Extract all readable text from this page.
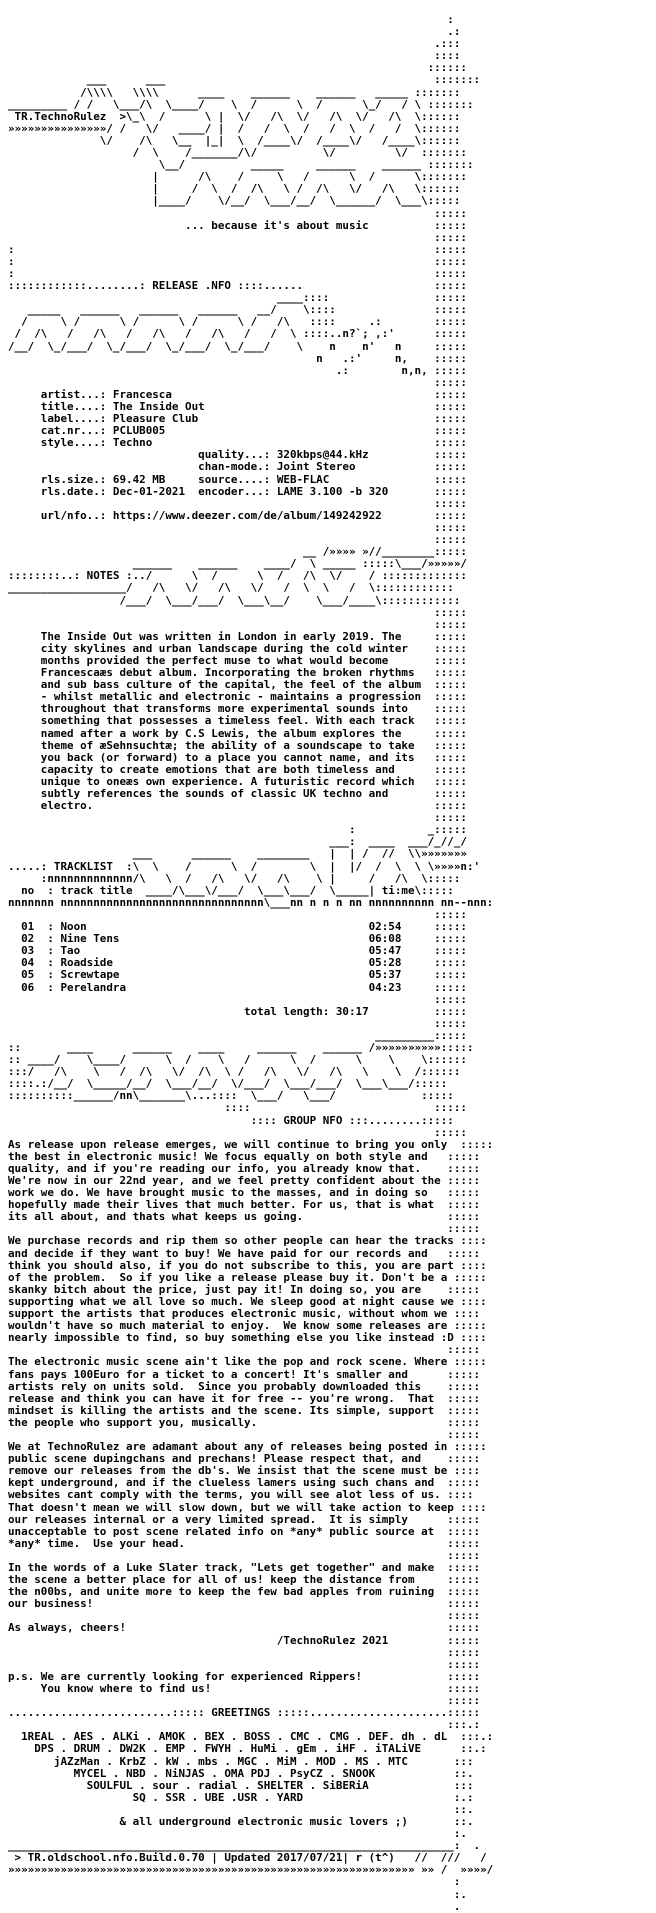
:
.:
.:::
::::
::::::
___      ___                                         :::::::
/\\\\   \\\\      ____    ______    ______   _____ :::::::
_________ / /   \___/\  \____/    \  /      \  /      \_/   / \ :::::::
TR.TechnoRulez  >\_\  /      \ |  \/   /\  \/   /\  \/   /\  \::::::
»»»»»»»»»»»»»»»/ /   \/   ____/ |  /   /  \  /   /  \  /   /  \::::::
\/    /\   \__  |_|  \  /____\/  /____\/   /____\::::::
/  \    /_______/\/          \/         \/  :::::::
\__/          _____     ______    ______ :::::::
|      /\    /     \   /      \  /      \:::::::
|     /  \  /  /\   \ /  /\   \/   /\   \::::::
|____/    \/__/  \___/__/  \______/  \___\:::::
:::::
... because it's about music          :::::
:::::
:                                                                :::::
:                                                                :::::
:                                                                :::::
::::::::::::........: RELEASE .NFO ::::......                    :::::
____::::                :::::
_____   ______   ______   ______   __/    \::::               :::::
/     \ /      \ /      \ /      \ /   /\   ::::     .:        :::::
/  /\   /   /\   /   /\   /   /\   /   /  \ ::::..n?`; ,:'      :::::
/__/  \_/___/  \_/___/  \_/___/  \_/___/    \    n    n'   n     :::::
n   .:'     n,    :::::
.:        n,n, :::::
:::::
artist...: Francesca                                        :::::
title....: The Inside Out                                   :::::
label....: Pleasure Club                                    :::::
cat.nr...: PCLUB005                                         :::::
style....: Techno                                           :::::
quality...: 320kbps@44.kHz          :::::
chan-mode.: Joint Stereo            :::::
rls.size.: 69.42 MB     source....: WEB-FLAC                :::::
rls.date.: Dec-01-2021  encoder...: LAME 3.100 -b 320       :::::
:::::
url/nfo..: https://www.deezer.com/de/album/149242922        :::::
:::::
:::::
__ /»»»» »//________:::::
______    ______    ____/  \ _____ :::::\___/»»»»»/
::::::::..: NOTES :../      \  /      \  /   /\  \/    / :::::::::::::
__________________/   /\   \/   /\   \/   /  \  \   /  \::::::::::::
/___/  \___/___/  \___\__/    \___/____\::::::::::::
:::::
:::::
The Inside Out was written in London in early 2019. The     :::::
city skylines and urban landscape during the cold winter    :::::
months provided the perfect muse to what would become       :::::
Francescaæs debut album. Incorporating the broken rhythms   :::::
and sub bass culture of the capital, the feel of the album  :::::
- whilst metallic and electronic - maintains a progression  :::::
throughout that transforms more experimental sounds into    :::::
something that possesses a timeless feel. With each track   :::::
named after a work by C.S Lewis, the album explores the     :::::
theme of æSehnsuchtæ; the ability of a soundscape to take   :::::
you back (or forward) to a place you cannot name, and its   :::::
capacity to create emotions that are both timeless and      :::::
unique to oneæs own experience. A futuristic record which   :::::
subtly references the sounds of classic UK techno and       :::::
electro.                                                    :::::
:::::
:           _:::::
___:  ____  ___/_//_/
___      ______    ________   |  | /  //  \\»»»»»»»
.....: TRACKLIST  :\  \    /      \  /        \  |  |/  /  \  \ \»»»»n:'
:nnnnnnnnnnnnn/\   \  /   /\   \/   /\    \ |     /   /\  \:::::
no  : track title  ____/\___\/___/  \___\___/  \_____| ti:me\:::::
nnnnnnn nnnnnnnnnnnnnnnnnnnnnnnnnnnnnnn\___nn n n n nn nnnnnnnnnn nn--nnn:
:::::
01  : Noon                                           02:54     :::::
02  : Nine Tens                                      06:08     :::::
03  : Tao                                            05:47     :::::
04  : Roadside                                       05:28     :::::
05  : Screwtape                                      05:37     :::::
06  : Perelandra                                     04:23     :::::
:::::
total length: 30:17          :::::
:::::
_________:::::
::       ____      ______    ____     ______    ______ /»»»»»»»»»»:::::
:: ____/    \____/      \  /    \   /      \  /      \    \    \::::::
:::/   /\    \   /  /\   \/  /\  \ /   /\   \/   /\   \    \  /::::::
::::.:/__/  \_____/__/  \___/__/  \/___/  \___/___/  \___\___/:::::
::::::::::______/nn\_______\...::::  \___/   \___/             :::::
::::                            :::::
:::: GROUP NFO :::........:::::
:::::
As release upon release emerges, we will continue to bring you only  :::::
the best in electronic music! We focus equally on both style and   :::::
quality, and if you're reading our info, you already know that.    :::::
We're now in our 22nd year, and we feel pretty confident about the :::::
work we do. We have brought music to the masses, and in doing so   :::::
hopefully made their lives that much better. For us, that is what  :::::
its all about, and thats what keeps us going.                      :::::
:::::
We purchase records and rip them so other people can hear the tracks ::::
and decide if they want to buy! We have paid for our records and   :::::
think you should also, if you do not subscribe to this, you are part ::::
of the problem.  So if you like a release please buy it. Don't be a :::::
skanky bitch about the price, just pay it! In doing so, you are    :::::
supporting what we all love so much. We sleep good at night cause we ::::
support the artists that produces electronic music, without whom we ::::
wouldn't have so much material to enjoy.  We know some releases are :::::
nearly impossible to find, so buy something else you like instead :D ::::
:::::
The electronic music scene ain't like the pop and rock scene. Where :::::
fans pays 100Euro for a ticket to a concert! It's smaller and      :::::
artists rely on units sold.  Since you probably downloaded this    :::::
release and think you can have it for free -- you're wrong.  That  :::::
mindset is killing the artists and the scene. Its simple, support  :::::
the people who support you, musically.                             :::::
:::::
We at TechnoRulez are adamant about any of releases being posted in :::::
public scene dupingchans and prechans! Please respect that, and    :::::
remove our releases from the db's. We insist that the scene must be ::::
kept underground, and if the clueless lamers using such chans and  :::::
websites cant comply with the terms, you will see alot less of us. ::::
That doesn't mean we will slow down, but we will take action to keep ::::
our releases internal or a very limited spread.  It is simply      :::::
unacceptable to post scene related info on *any* public source at  :::::
*any* time.  Use your head.                                        :::::
:::::
In the words of a Luke Slater track, "Lets get together" and make  :::::
the scene a better place for all of us! keep the distance from     :::::
the n00bs, and unite more to keep the few bad apples from ruining  :::::
our business!                                                      :::::
:::::
As always, cheers!                                                 :::::
/TechnoRulez 2021         :::::
:::::
:::::
p.s. We are currently looking for experienced Rippers!             :::::
You know where to find us!                                    :::::
:::::
.........................::::: GREETINGS :::::.....................:::::
:::.:
1REAL . AES . ALKi . AMOK . BEX . BOSS . CMC . CMG . DEF. dh . dL  :::.:
DPS . DRUM . DW2K . EMP . FWYH . HuMi . gEm . iHF . iTALiVE      ::.:
jAZzMan . KrbZ . kW . mbs . MGC . MiM . MOD . MS . MTC       :::
MYCEL . NBD . NiNJAS . OMA PDJ . PsyCZ . SNOOK            ::.
SOULFUL . sour . radial . SHELTER . SiBERiA             :::
SQ . SSR . UBE .USR . YARD                       :.:
::.
& all underground electronic music lovers ;)       ::.
:.
____________________________________________________________________:  .
> TR.oldschool.nfo.Build.0.70 | Updated 2017/07/21| r (t^)   //  ///   /
»»»»»»»»»»»»»»»»»»»»»»»»»»»»»»»»»»»»»»»»»»»»»»»»»»»»»»»»»»»»»» »» /  »»»»/
:
:.
.
